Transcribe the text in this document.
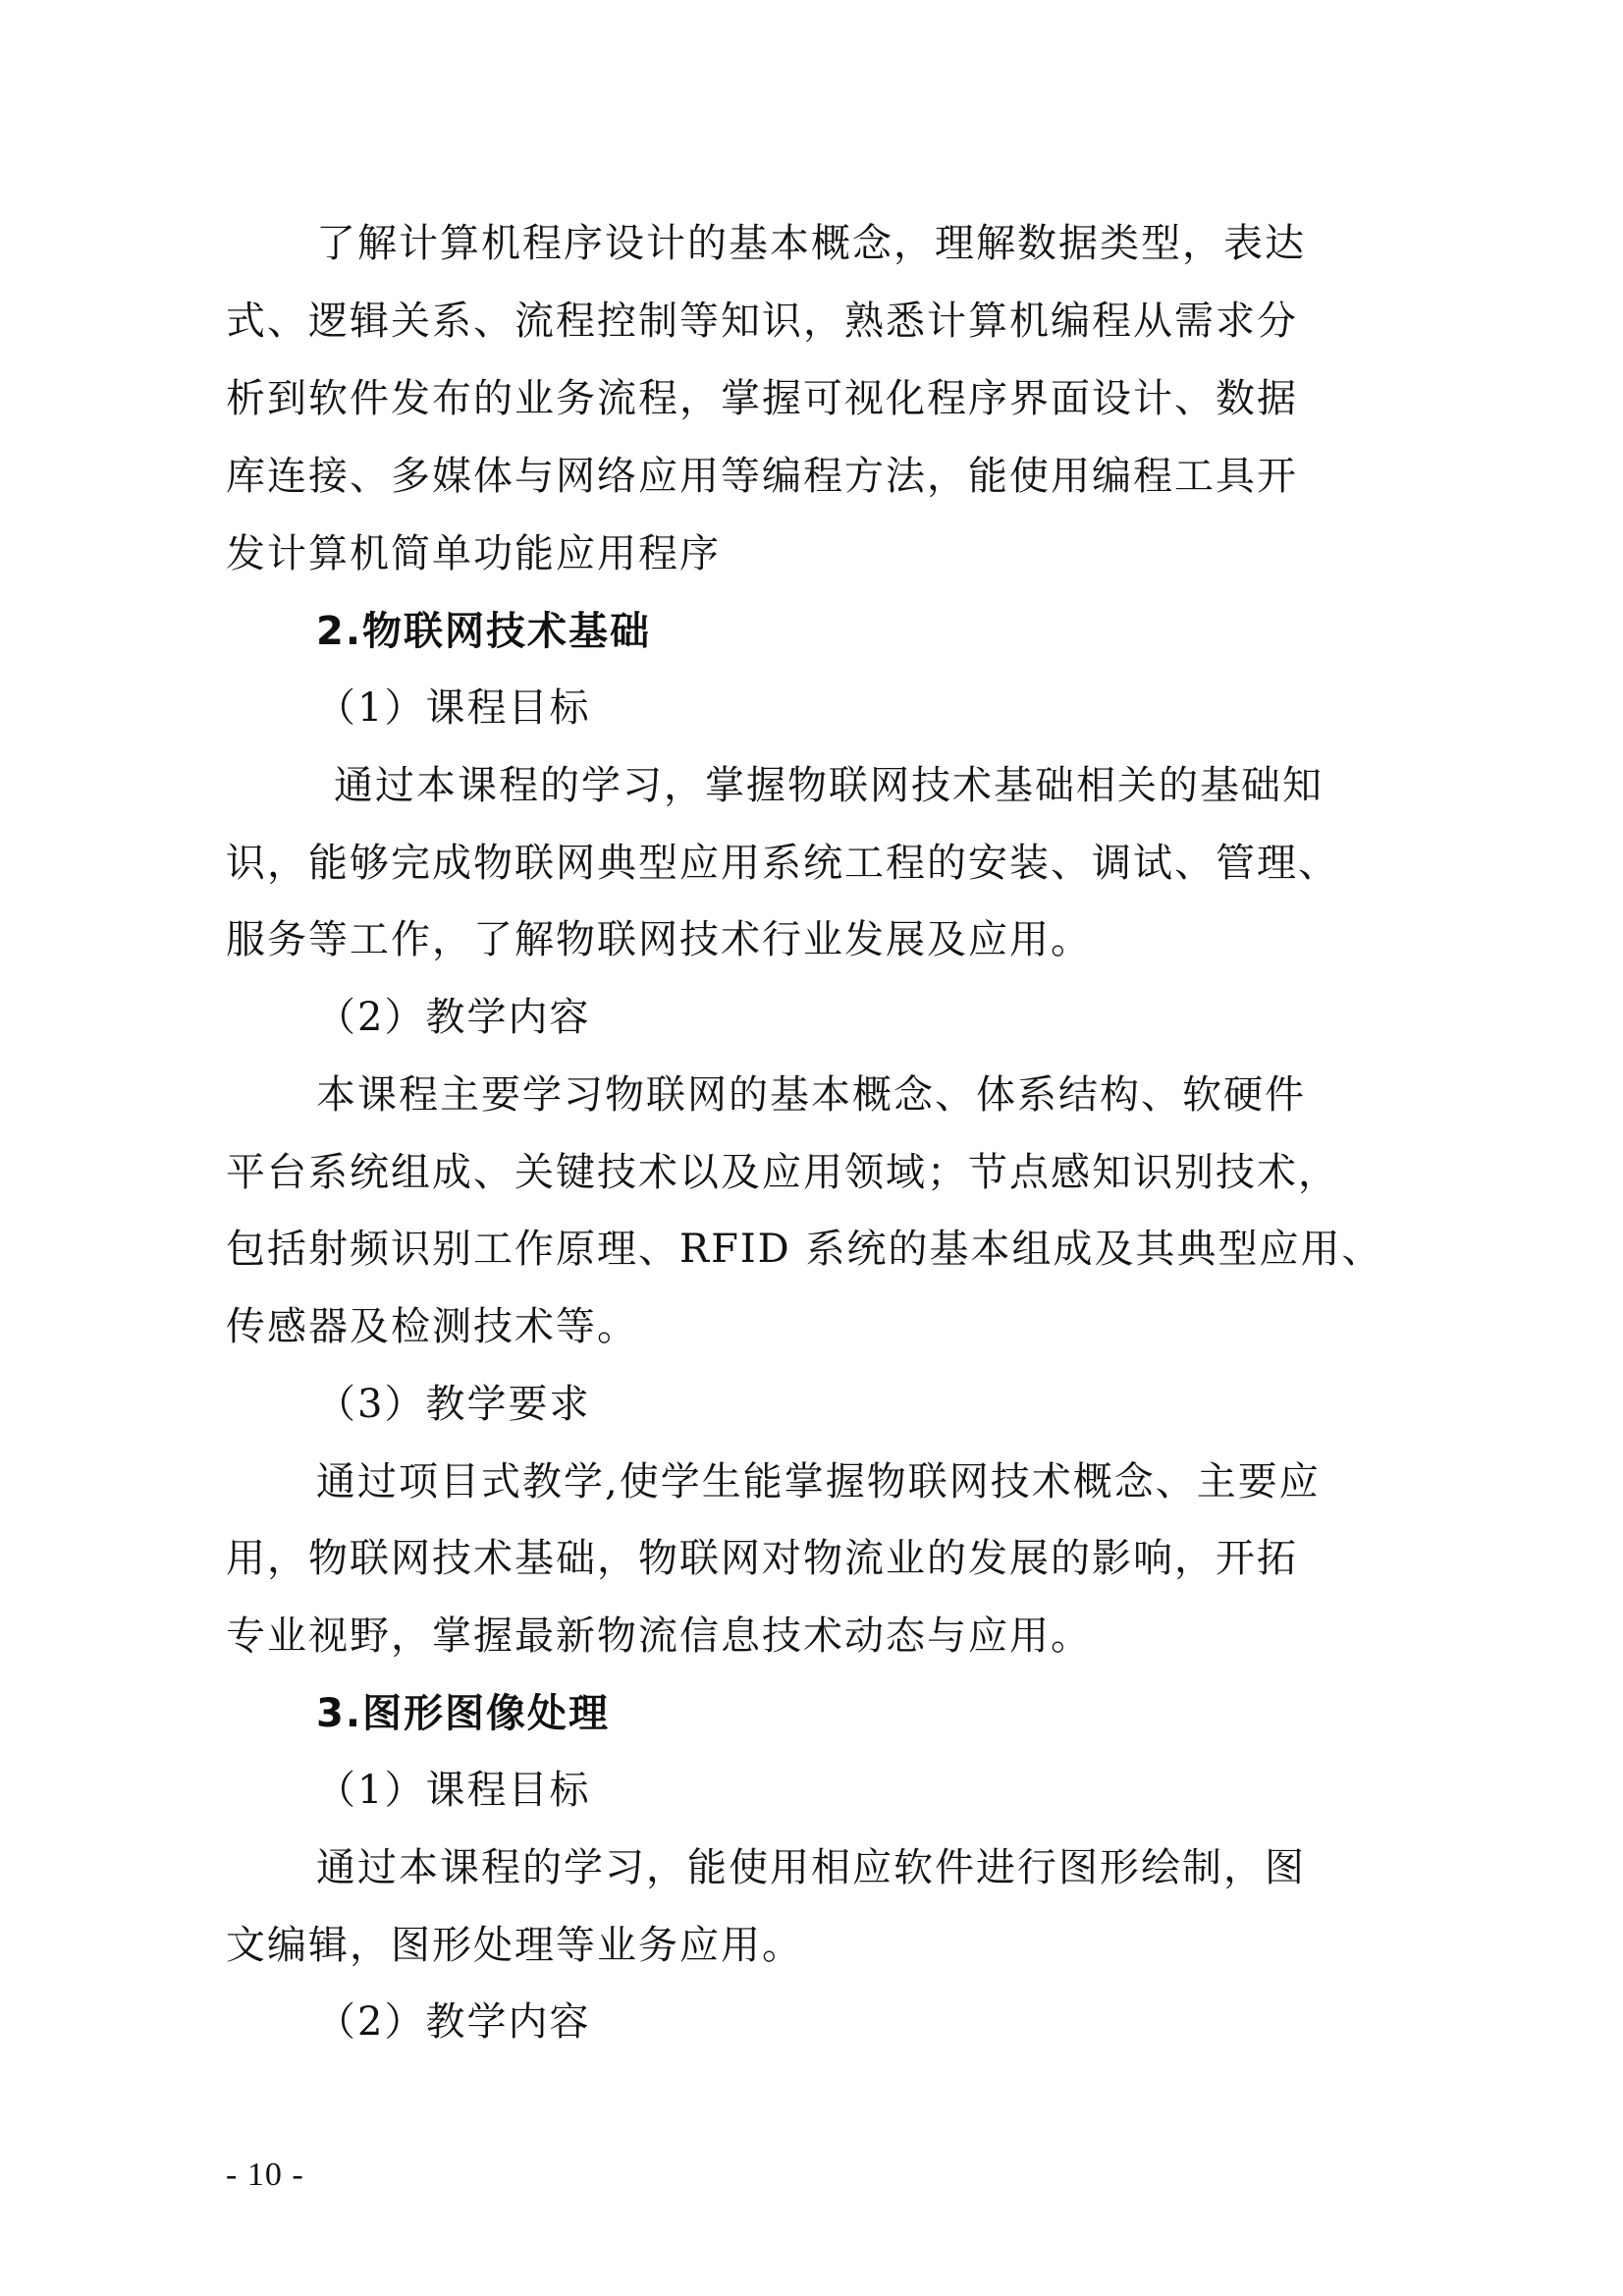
了解计算机程序设计的基本概念，理解数据类型，表达
式、逻辑关系、流程控制等知识，熟悉计算机编程从需求分
析到软件发布的业务流程，掌握可视化程序界面设计、数据
库连接、多媒体与网络应用等编程方法，能使用编程工具开
发计算机简单功能应用程序
2.物联网技术基础
（1）课程目标
通过本课程的学习，掌握物联网技术基础相关的基础知
识，能够完成物联网典型应用系统工程的安装、调试、管理、
服务等工作，了解物联网技术行业发展及应用。
（2）教学内容
本课程主要学习物联网的基本概念、体系结构、软硬件
平台系统组成、关键技术以及应用领域；节点感知识别技术，
包括射频识别工作原理、RFID 系统的基本组成及其典型应用、
传感器及检测技术等。
（3）教学要求
通过项目式教学,使学生能掌握物联网技术概念、主要应
用，物联网技术基础，物联网对物流业的发展的影响，开拓
专业视野，掌握最新物流信息技术动态与应用。
3.图形图像处理
（1）课程目标
通过本课程的学习，能使用相应软件进行图形绘制，图
文编辑，图形处理等业务应用。
（2）教学内容
- 10 -
